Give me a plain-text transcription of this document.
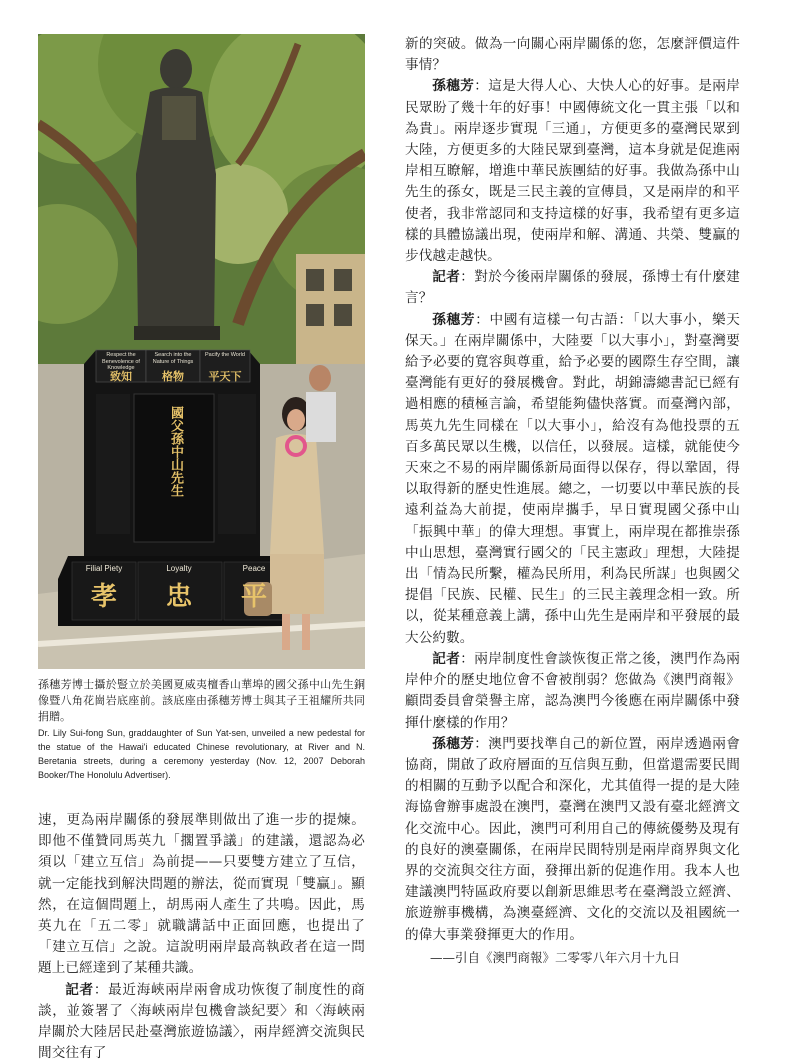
Respect the Benevolence of Knowledge
Search into the Nature of Things
Pacify the World
致知	格物	平天下
國父孫中山先生
Filial Piety	Loyalty	Peace
孝	忠	平

孫穗芳博士攝於豎立於美國夏威夷檀香山華埠的國父孫中山先生銅像暨八角花崗岩底座前。該底座由孫穗芳博士與其子王祖耀所共同捐贈。

Dr. Lily Sui-fong Sun, graddaughter of Sun Yat-sen, unveiled a new pedestal for the statue of the Hawai'i educated Chinese revolutionary, at River and N. Beretania streets, during a ceremony yesterday (Nov. 12, 2007 Deborah Booker/The Honolulu Advertiser).

速，更為兩岸關係的發展準則做出了進一步的提煉。即他不僅贊同馬英九「擱置爭議」的建議，還認為必須以「建立互信」為前提——只要雙方建立了互信，就一定能找到解決問題的辦法，從而實現「雙贏」。顯然，在這個問題上，胡馬兩人產生了共鳴。因此，馬英九在「五二零」就職講話中正面回應，也提出了「建立互信」之說。這說明兩岸最高執政者在這一問題上已經達到了某種共識。

記者：最近海峽兩岸兩會成功恢復了制度性的商談，並簽署了〈海峽兩岸包機會談紀要〉和〈海峽兩岸關於大陸居民赴臺灣旅遊協議〉，兩岸經濟交流與民間交往有了

新的突破。做為一向關心兩岸關係的您，怎麼評價這件事情？

孫穗芳：這是大得人心、大快人心的好事。是兩岸民眾盼了幾十年的好事！中國傳統文化一貫主張「以和為貴」。兩岸逐步實現「三通」，方便更多的臺灣民眾到大陸，方便更多的大陸民眾到臺灣，這本身就是促進兩岸相互瞭解，增進中華民族團結的好事。我做為孫中山先生的孫女，既是三民主義的宣傳員，又是兩岸的和平使者，我非常認同和支持這樣的好事，我希望有更多這樣的具體協議出現，使兩岸和解、溝通、共榮、雙贏的步伐越走越快。

記者：對於今後兩岸關係的發展，孫博士有什麼建言？

孫穗芳：中國有這樣一句古語：「以大事小，樂天保天。」在兩岸關係中，大陸要「以大事小」，對臺灣要給予必要的寬容與尊重，給予必要的國際生存空間，讓臺灣能有更好的發展機會。對此，胡錦濤總書記已經有過相應的積極言論，希望能夠儘快落實。而臺灣內部，馬英九先生同樣在「以大事小」，給沒有為他投票的五百多萬民眾以生機，以信任，以發展。這樣，就能使今天來之不易的兩岸關係新局面得以保存，得以鞏固，得以取得新的歷史性進展。總之，一切要以中華民族的長遠利益為大前提，使兩岸攜手，早日實現國父孫中山「振興中華」的偉大理想。事實上，兩岸現在都推崇孫中山思想，臺灣實行國父的「民主憲政」理想，大陸提出「情為民所繫，權為民所用，利為民所謀」也與國父提倡「民族、民權、民生」的三民主義理念相一致。所以，從某種意義上講，孫中山先生是兩岸和平發展的最大公約數。

記者：兩岸制度性會談恢復正常之後，澳門作為兩岸仲介的歷史地位會不會被削弱？您做為《澳門商報》顧問委員會榮譽主席，認為澳門今後應在兩岸關係中發揮什麼樣的作用？

孫穗芳：澳門要找準自己的新位置，兩岸透過兩會協商，開啟了政府層面的互信與互動，但當還需要民間的相關的互動予以配合和深化，尤其值得一提的是大陸海協會辦事處設在澳門，臺灣在澳門又設有臺北經濟文化交流中心。因此，澳門可利用自己的傳統優勢及現有的良好的澳臺關係，在兩岸民間特別是兩岸商界與文化界的交流與交往方面，發揮出新的促進作用。我本人也建議澳門特區政府要以創新思維思考在臺灣設立經濟、旅遊辦事機構，為澳臺經濟、文化的交流以及祖國統一的偉大事業發揮更大的作用。

——引自《澳門商報》二零零八年六月十九日
